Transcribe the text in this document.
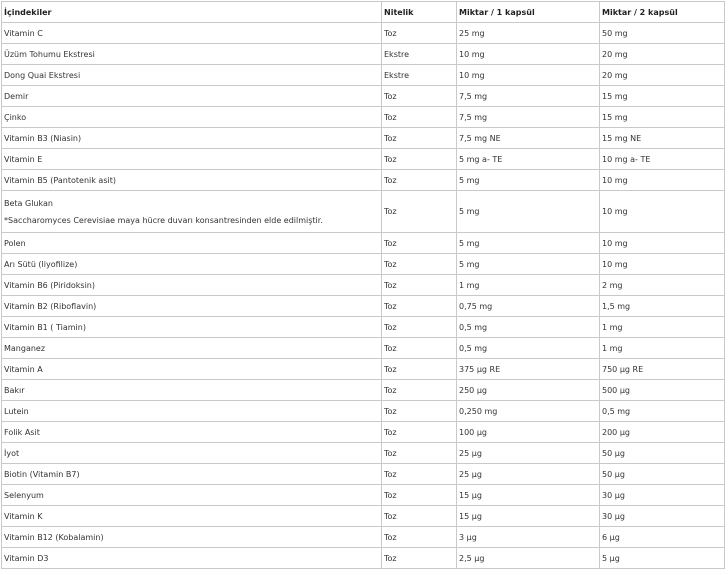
İçindekiler	Nitelik	Miktar / 1 kapsül	Miktar / 2 kapsül
Vitamin C	Toz	25 mg	50 mg
Üzüm Tohumu Ekstresi	Ekstre	10 mg	20 mg
Dong Quai Ekstresi	Ekstre	10 mg	20 mg
Demir	Toz	7,5 mg	15 mg
Çinko	Toz	7,5 mg	15 mg
Vitamin B3 (Niasin)	Toz	7,5 mg NE	15 mg NE
Vitamin E	Toz	5 mg a- TE	10 mg a- TE
Vitamin B5 (Pantotenik asit)	Toz	5 mg	10 mg
Beta Glukan
*Saccharomyces Cerevisiae maya hücre duvarı konsantresinden elde edilmiştir.	Toz	5 mg	10 mg
Polen	Toz	5 mg	10 mg
Arı Sütü (liyofilize)	Toz	5 mg	10 mg
Vitamin B6 (Piridoksin)	Toz	1 mg	2 mg
Vitamin B2 (Riboflavin)	Toz	0,75 mg	1,5 mg
Vitamin B1 ( Tiamin)	Toz	0,5 mg	1 mg
Manganez	Toz	0,5 mg	1 mg
Vitamin A	Toz	375 µg RE	750 µg RE
Bakır	Toz	250 µg	500 µg
Lutein	Toz	0,250 mg	0,5 mg
Folik Asit	Toz	100 µg	200 µg
İyot	Toz	25 µg	50 µg
Biotin (Vitamin B7)	Toz	25 µg	50 µg
Selenyum	Toz	15 µg	30 µg
Vitamin K	Toz	15 µg	30 µg
Vitamin B12 (Kobalamin)	Toz	3 µg	6 µg
Vitamin D3	Toz	2,5 µg	5 µg
